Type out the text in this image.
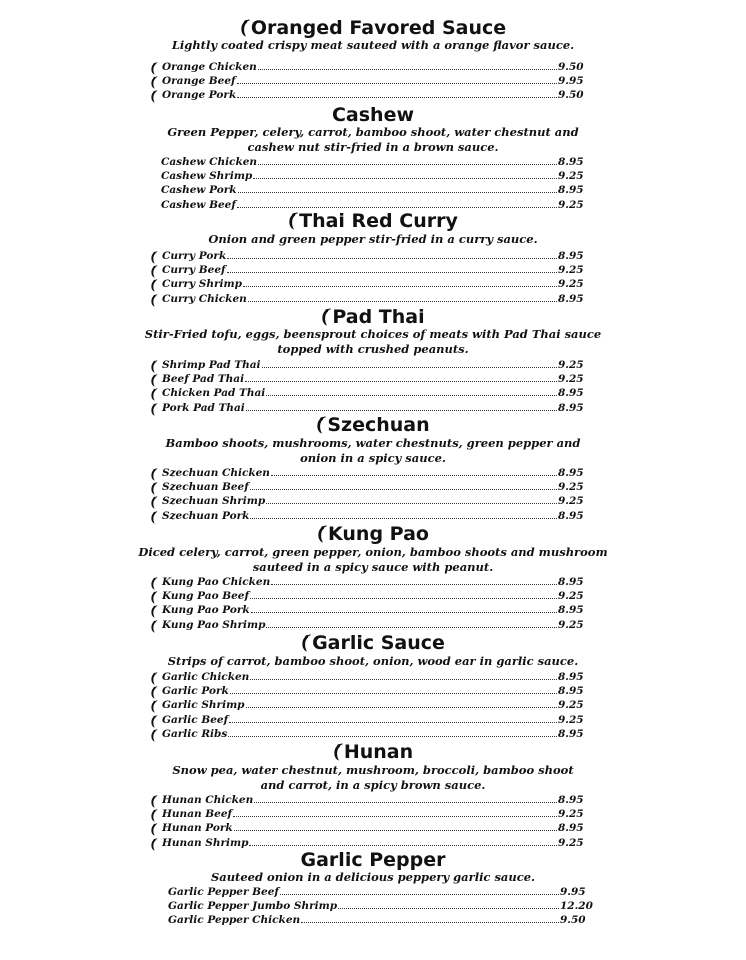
Oranged Favored Sauce
Lightly coated crispy meat sauteed with a orange flavor sauce.
Orange Chicken	9.50
Orange Beef	9.95
Orange Pork	9.50
Cashew
Green Pepper, celery, carrot, bamboo shoot, water chestnut and
cashew nut stir-fried in a brown sauce.
Cashew Chicken	8.95
Cashew Shrimp	9.25
Cashew Pork	8.95
Cashew Beef	9.25
Thai Red Curry
Onion and green pepper stir-fried in a curry sauce.
Curry Pork	8.95
Curry Beef	9.25
Curry Shrimp	9.25
Curry Chicken	8.95
Pad Thai
Stir-Fried tofu, eggs, beensprout choices of meats with Pad Thai sauce
topped with crushed peanuts.
Shrimp Pad Thai	9.25
Beef Pad Thai	9.25
Chicken Pad Thai	8.95
Pork Pad Thai	8.95
Szechuan
Bamboo shoots, mushrooms, water chestnuts, green pepper and
onion in a spicy sauce.
Szechuan Chicken	8.95
Szechuan Beef	9.25
Szechuan Shrimp	9.25
Szechuan Pork	8.95
Kung Pao
Diced celery, carrot, green pepper, onion, bamboo shoots and mushroom
sauteed in a spicy sauce with peanut.
Kung Pao Chicken	8.95
Kung Pao Beef	9.25
Kung Pao Pork	8.95
Kung Pao Shrimp	9.25
Garlic Sauce
Strips of carrot, bamboo shoot, onion, wood ear in garlic sauce.
Garlic Chicken	8.95
Garlic Pork	8.95
Garlic Shrimp	9.25
Garlic Beef	9.25
Garlic Ribs	8.95
Hunan
Snow pea, water chestnut, mushroom, broccoli, bamboo shoot
and carrot, in a spicy brown sauce.
Hunan Chicken	8.95
Hunan Beef	9.25
Hunan Pork	8.95
Hunan Shrimp	9.25
Garlic Pepper
Sauteed onion in a delicious peppery garlic sauce.
Garlic Pepper Beef	9.95
Garlic Pepper Jumbo Shrimp	12.20
Garlic Pepper Chicken	9.50
